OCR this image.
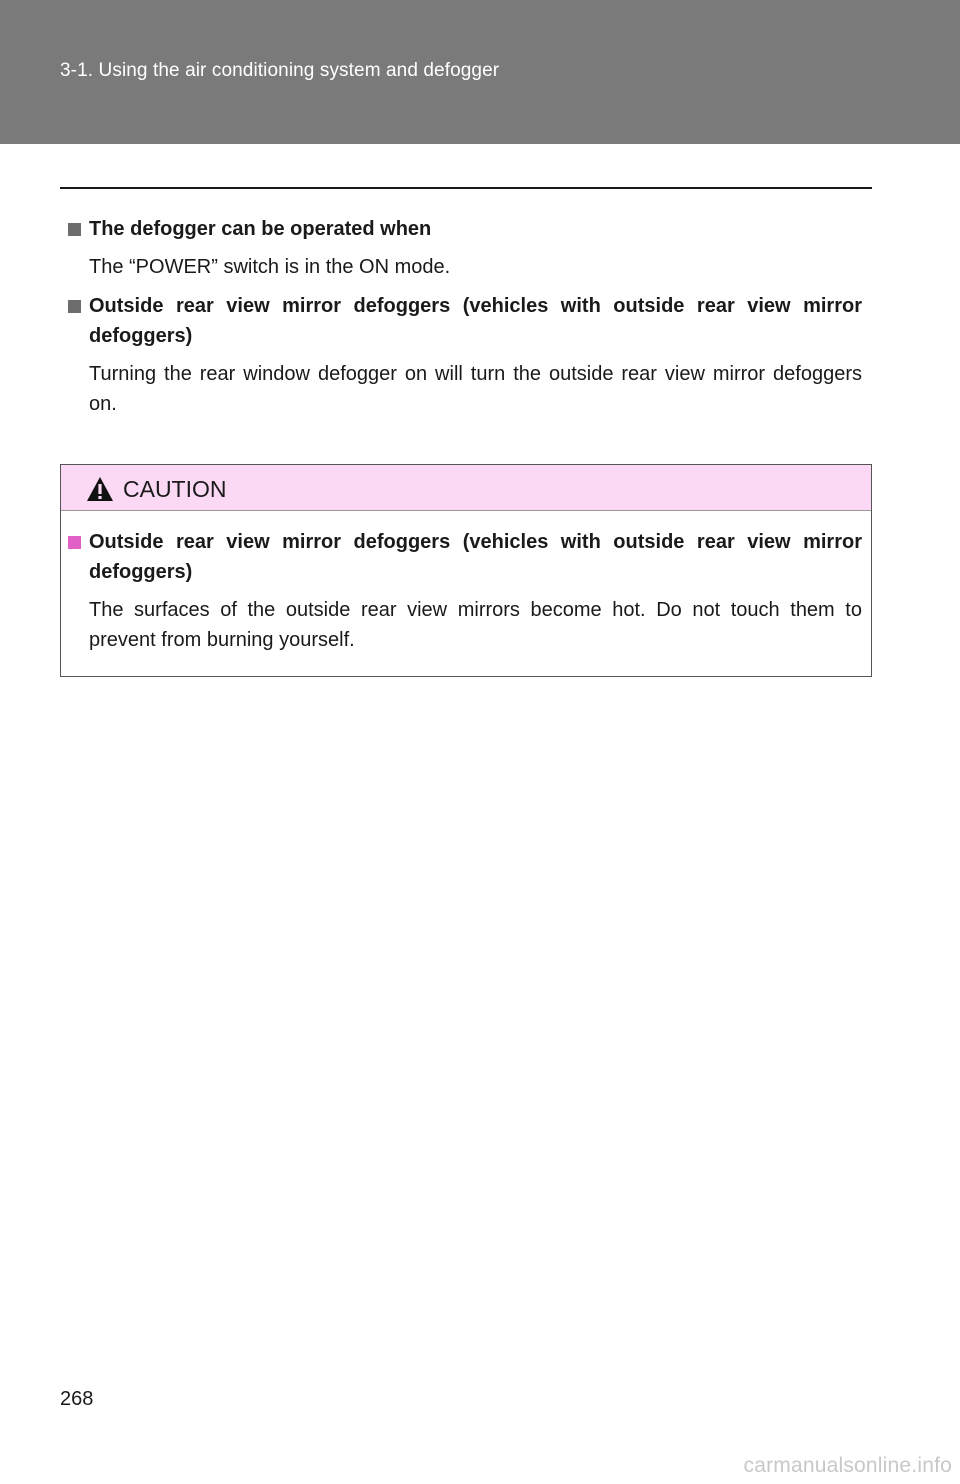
3-1. Using the air conditioning system and defogger
The defogger can be operated when
The “POWER” switch is in the ON mode.
Outside rear view mirror defoggers (vehicles with outside rear view mirror defoggers)
Turning the rear window defogger on will turn the outside rear view mirror defoggers on.
CAUTION
Outside rear view mirror defoggers (vehicles with outside rear view mirror defoggers)
The surfaces of the outside rear view mirrors become hot. Do not touch them to prevent from burning yourself.
268
carmanualsonline.info
